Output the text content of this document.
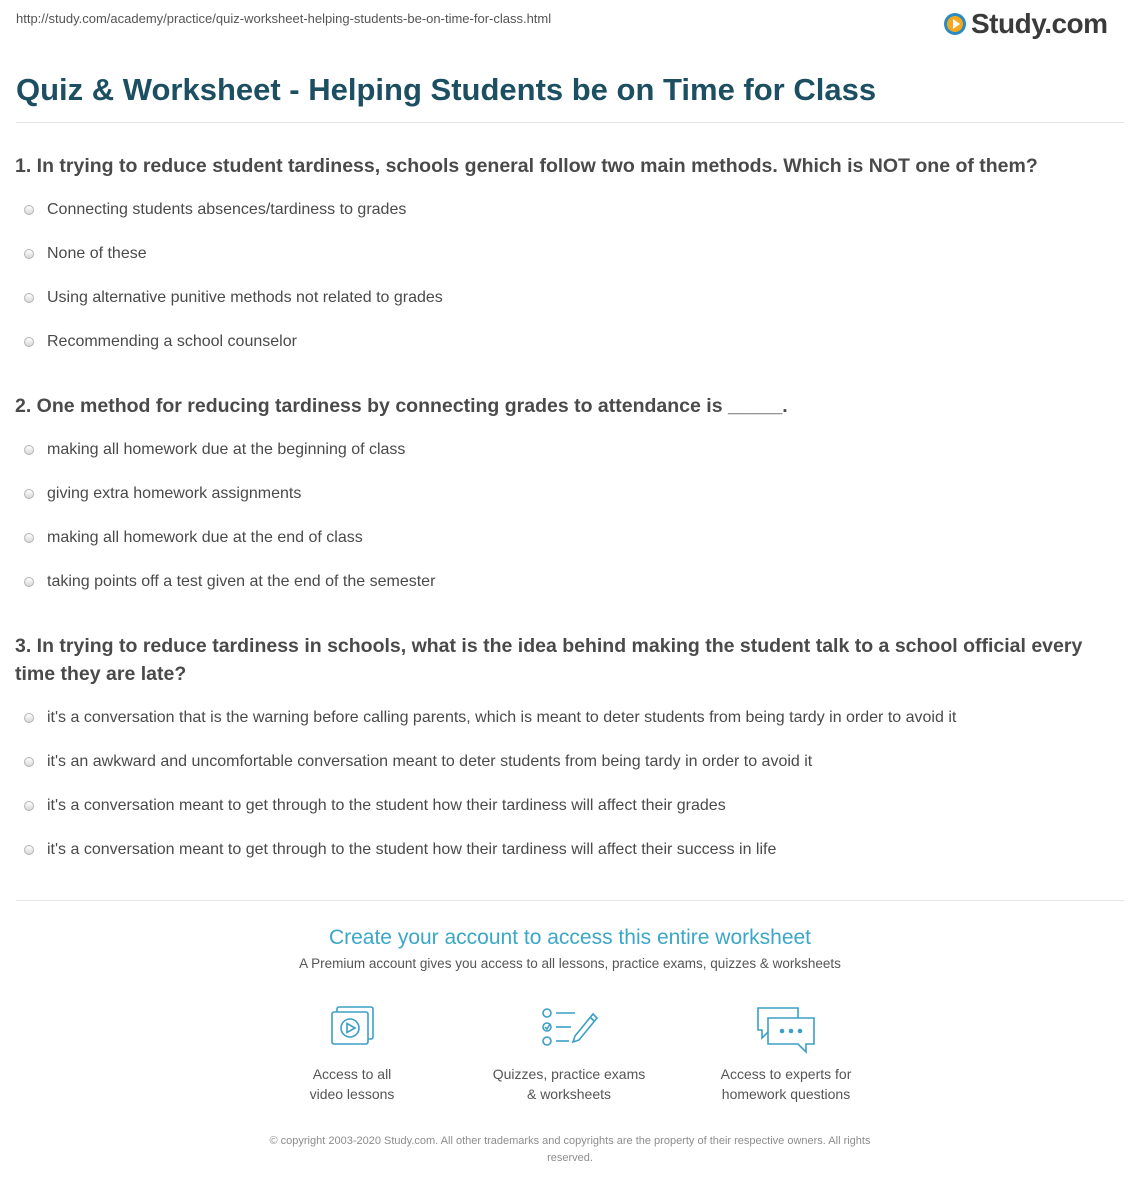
http://study.com/academy/practice/quiz-worksheet-helping-students-be-on-time-for-class.html	Study.com
Quiz & Worksheet - Helping Students be on Time for Class
1. In trying to reduce student tardiness, schools general follow two main methods. Which is NOT one of them?
Connecting students absences/tardiness to grades
None of these
Using alternative punitive methods not related to grades
Recommending a school counselor
2. One method for reducing tardiness by connecting grades to attendance is _____.
making all homework due at the beginning of class
giving extra homework assignments
making all homework due at the end of class
taking points off a test given at the end of the semester
3. In trying to reduce tardiness in schools, what is the idea behind making the student talk to a school official every time they are late?
it's a conversation that is the warning before calling parents, which is meant to deter students from being tardy in order to avoid it
it's an awkward and uncomfortable conversation meant to deter students from being tardy in order to avoid it
it's a conversation meant to get through to the student how their tardiness will affect their grades
it's a conversation meant to get through to the student how their tardiness will affect their success in life
Create your account to access this entire worksheet
A Premium account gives you access to all lessons, practice exams, quizzes & worksheets
Access to all
video lessons
Quizzes, practice exams
& worksheets
Access to experts for
homework questions
© copyright 2003-2020 Study.com. All other trademarks and copyrights are the property of their respective owners. All rights
reserved.
